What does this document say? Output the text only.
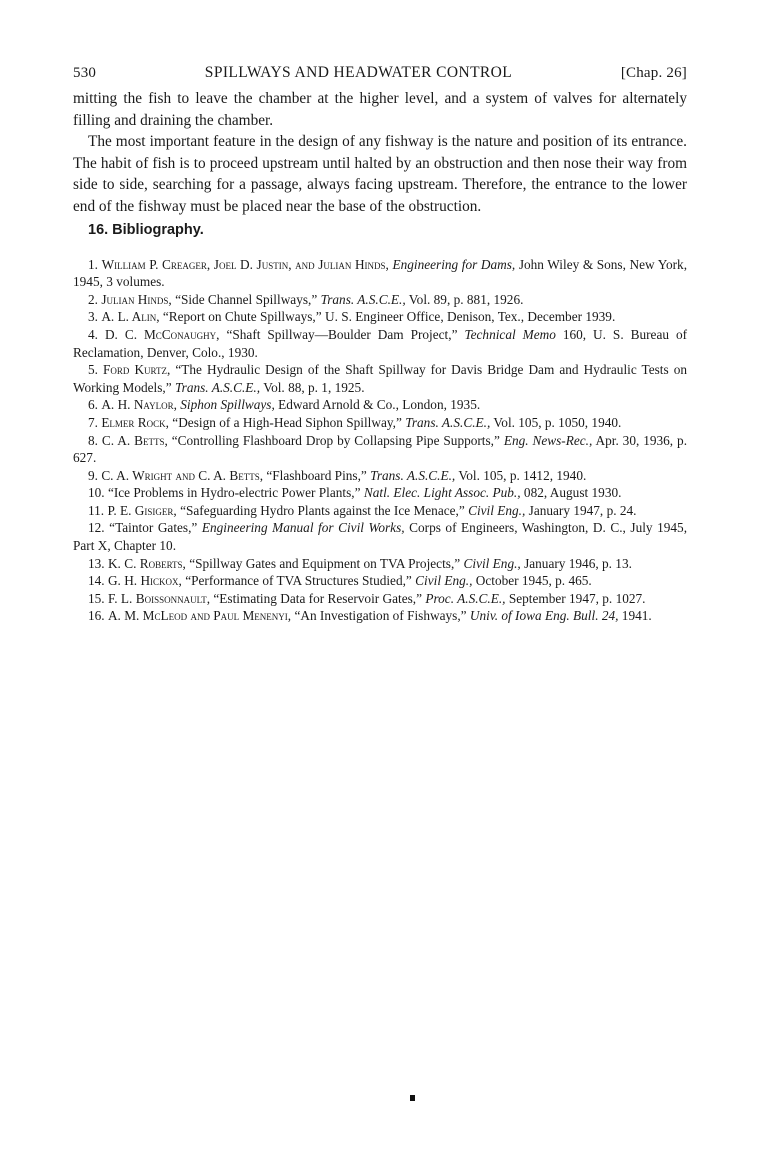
530	SPILLWAYS AND HEADWATER CONTROL	[Chap. 26]

mitting the fish to leave the chamber at the higher level, and a system of valves for alternately filling and draining the chamber.

The most important feature in the design of any fishway is the nature and position of its entrance. The habit of fish is to proceed upstream until halted by an obstruction and then nose their way from side to side, searching for a passage, always facing upstream. Therefore, the entrance to the lower end of the fishway must be placed near the base of the obstruction.

16. Bibliography.

1. William P. Creager, Joel D. Justin, and Julian Hinds, Engineering for Dams, John Wiley & Sons, New York, 1945, 3 volumes.

2. Julian Hinds, “Side Channel Spillways,” Trans. A.S.C.E., Vol. 89, p. 881, 1926.

3. A. L. Alin, “Report on Chute Spillways,” U. S. Engineer Office, Denison, Tex., December 1939.

4. D. C. McConaughy, “Shaft Spillway—Boulder Dam Project,” Technical Memo 160, U. S. Bureau of Reclamation, Denver, Colo., 1930.

5. Ford Kurtz, “The Hydraulic Design of the Shaft Spillway for Davis Bridge Dam and Hydraulic Tests on Working Models,” Trans. A.S.C.E., Vol. 88, p. 1, 1925.

6. A. H. Naylor, Siphon Spillways, Edward Arnold & Co., London, 1935.

7. Elmer Rock, “Design of a High-Head Siphon Spillway,” Trans. A.S.C.E., Vol. 105, p. 1050, 1940.

8. C. A. Betts, “Controlling Flashboard Drop by Collapsing Pipe Supports,” Eng. News-Rec., Apr. 30, 1936, p. 627.

9. C. A. Wright and C. A. Betts, “Flashboard Pins,” Trans. A.S.C.E., Vol. 105, p. 1412, 1940.

10. “Ice Problems in Hydro-electric Power Plants,” Natl. Elec. Light Assoc. Pub., 082, August 1930.

11. P. E. Gisiger, “Safeguarding Hydro Plants against the Ice Menace,” Civil Eng., January 1947, p. 24.

12. “Taintor Gates,” Engineering Manual for Civil Works, Corps of Engineers, Washington, D. C., July 1945, Part X, Chapter 10.

13. K. C. Roberts, “Spillway Gates and Equipment on TVA Projects,” Civil Eng., January 1946, p. 13.

14. G. H. Hickox, “Performance of TVA Structures Studied,” Civil Eng., October 1945, p. 465.

15. F. L. Boissonnault, “Estimating Data for Reservoir Gates,” Proc. A.S.C.E., September 1947, p. 1027.

16. A. M. McLeod and Paul Menenyi, “An Investigation of Fishways,” Univ. of Iowa Eng. Bull. 24, 1941.
